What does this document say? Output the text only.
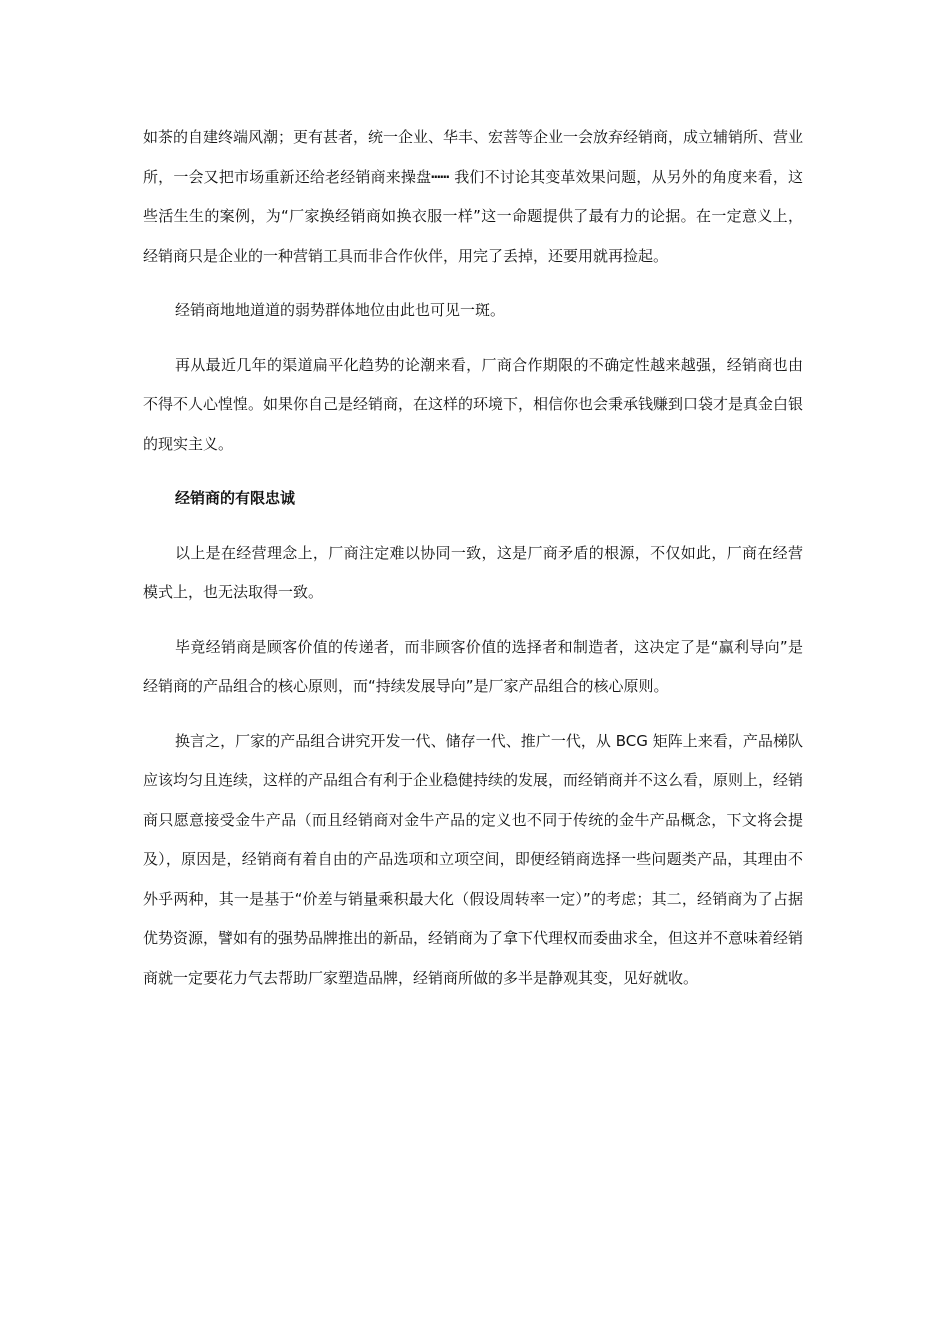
如茶的自建终端风潮；更有甚者，统一企业、华丰、宏菩等企业一会放弃经销商，成立辅销所、营业所，一会又把市场重新还给老经销商来操盘┅┅ 我们不讨论其变革效果问题，从另外的角度来看，这些活生生的案例，为“厂家换经销商如换衣服一样”这一命题提供了最有力的论据。在一定意义上，经销商只是企业的一种营销工具而非合作伙伴，用完了丢掉，还要用就再捡起。

经销商地地道道的弱势群体地位由此也可见一斑。

再从最近几年的渠道扁平化趋势的论潮来看，厂商合作期限的不确定性越来越强，经销商也由不得不人心惶惶。如果你自己是经销商，在这样的环境下，相信你也会秉承钱赚到口袋才是真金白银的现实主义。

经销商的有限忠诚

以上是在经营理念上，厂商注定难以协同一致，这是厂商矛盾的根源，不仅如此，厂商在经营模式上，也无法取得一致。

毕竟经销商是顾客价值的传递者，而非顾客价值的选择者和制造者，这决定了是“赢利导向”是经销商的产品组合的核心原则，而“持续发展导向”是厂家产品组合的核心原则。

换言之，厂家的产品组合讲究开发一代、储存一代、推广一代，从 BCG 矩阵上来看，产品梯队应该均匀且连续，这样的产品组合有利于企业稳健持续的发展，而经销商并不这么看，原则上，经销商只愿意接受金牛产品（而且经销商对金牛产品的定义也不同于传统的金牛产品概念，下文将会提及），原因是，经销商有着自由的产品选项和立项空间，即便经销商选择一些问题类产品，其理由不外乎两种，其一是基于“价差与销量乘积最大化（假设周转率一定）”的考虑；其二，经销商为了占据优势资源，譬如有的强势品牌推出的新品，经销商为了拿下代理权而委曲求全，但这并不意味着经销商就一定要花力气去帮助厂家塑造品牌，经销商所做的多半是静观其变，见好就收。
